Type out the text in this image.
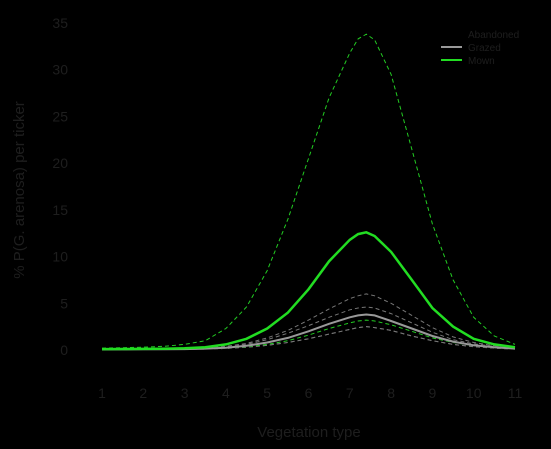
0
5
10
15
20
25
30
35
1 2 3 4 5 6 7 8 9 10 11
Abandoned
Grazed
Mown
Vegetation type
% P(G. arenosa) per ticker
